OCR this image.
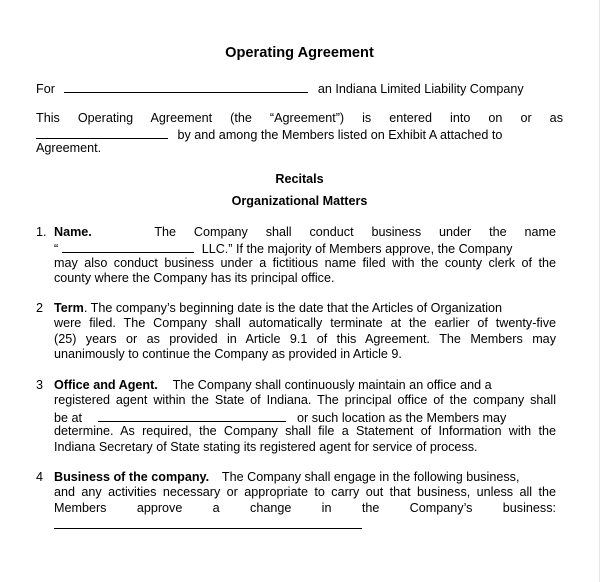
Operating Agreement
For	an Indiana Limited Liability Company
This Operating Agreement (the “Agreement”) is entered into on or as
by and among the Members listed on Exhibit A attached to
Agreement.
Recitals
Organizational Matters
1. Name.	The Company shall conduct business under the name
“	LLC.” If the majority of Members approve, the Company
may also conduct business under a fictitious name filed with the county clerk of the
county where the Company has its principal office.
2 Term. The company’s beginning date is the date that the Articles of Organization
were filed. The Company shall automatically terminate at the earlier of twenty-five
(25) years or as provided in Article 9.1 of this Agreement. The Members may
unanimously to continue the Company as provided in Article 9.
3 Office and Agent. The Company shall continuously maintain an office and a
registered agent within the State of Indiana. The principal office of the company shall
be at	or such location as the Members may
determine. As required, the Company shall file a Statement of Information with the
Indiana Secretary of State stating its registered agent for service of process.
4 Business of the company. The Company shall engage in the following business,
and any activities necessary or appropriate to carry out that business, unless all the
Members approve a change in the Company’s business:
